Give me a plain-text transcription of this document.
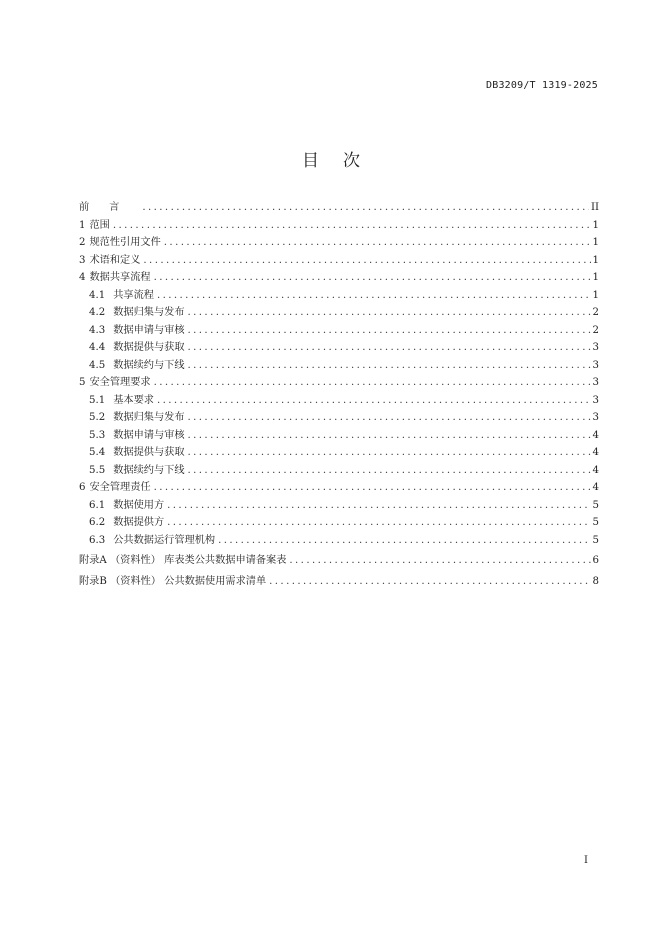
DB3209/T 1319-2025
目次
前言 .....	II
1 范围 .....	1
2 规范性引用文件 .....	1
3 术语和定义 .....	1
4 数据共享流程 .....	1
4.1 共享流程 .....	1
4.2 数据归集与发布 .....	2
4.3 数据申请与审核 .....	2
4.4 数据提供与获取 .....	3
4.5 数据续约与下线 .....	3
5 安全管理要求 .....	3
5.1 基本要求 .....	3
5.2 数据归集与发布 .....	3
5.3 数据申请与审核 .....	4
5.4 数据提供与获取 .....	4
5.5 数据续约与下线 .....	4
6 安全管理责任 .....	4
6.1 数据使用方 .....	5
6.2 数据提供方 .....	5
6.3 公共数据运行管理机构 .....	5
附录A （资料性） 库表类公共数据申请备案表 .....	6
附录B （资料性） 公共数据使用需求清单 .....	8
I
